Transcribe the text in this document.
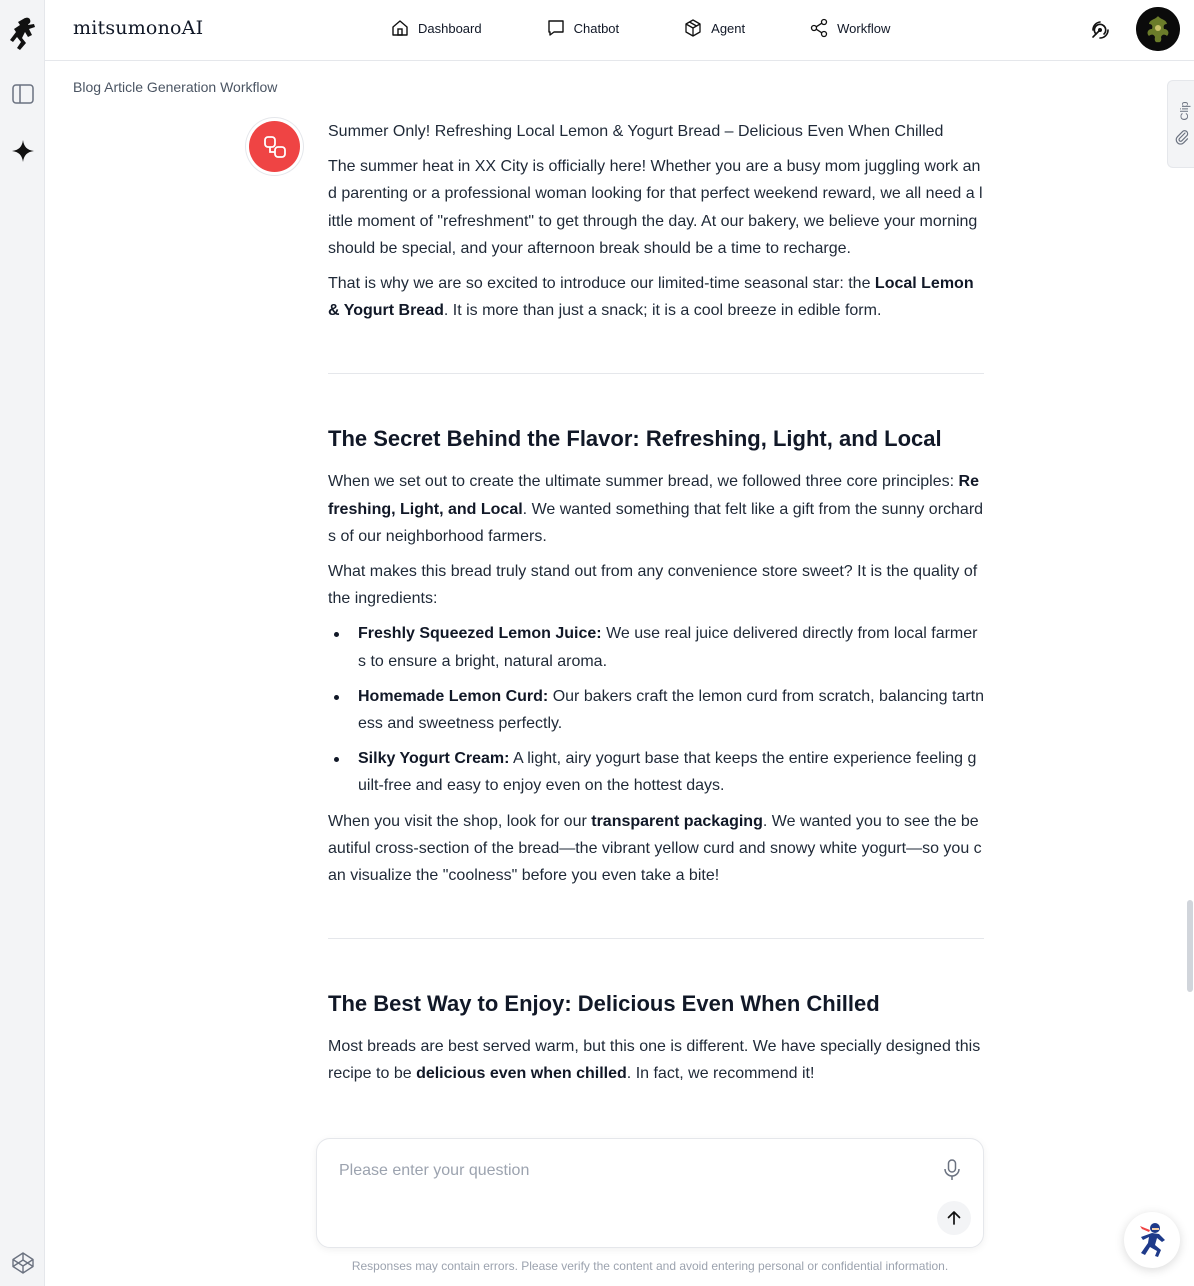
mitsumonoAI	Dashboard	Chatbot	Agent	Workflow
Blog Article Generation Workflow
Clip

Summer Only! Refreshing Local Lemon & Yogurt Bread – Delicious Even When Chilled

The summer heat in XX City is officially here! Whether you are a busy mom juggling work and parenting or a professional woman looking for that perfect weekend reward, we all need a little moment of "refreshment" to get through the day. At our bakery, we believe your morning should be special, and your afternoon break should be a time to recharge.

That is why we are so excited to introduce our limited-time seasonal star: the Local Lemon & Yogurt Bread. It is more than just a snack; it is a cool breeze in edible form.

The Secret Behind the Flavor: Refreshing, Light, and Local

When we set out to create the ultimate summer bread, we followed three core principles: Refreshing, Light, and Local. We wanted something that felt like a gift from the sunny orchards of our neighborhood farmers.

What makes this bread truly stand out from any convenience store sweet? It is the quality of the ingredients:

Freshly Squeezed Lemon Juice: We use real juice delivered directly from local farmers to ensure a bright, natural aroma.
Homemade Lemon Curd: Our bakers craft the lemon curd from scratch, balancing tartness and sweetness perfectly.
Silky Yogurt Cream: A light, airy yogurt base that keeps the entire experience feeling guilt-free and easy to enjoy even on the hottest days.

When you visit the shop, look for our transparent packaging. We wanted you to see the beautiful cross-section of the bread—the vibrant yellow curd and snowy white yogurt—so you can visualize the "coolness" before you even take a bite!

The Best Way to Enjoy: Delicious Even When Chilled

Most breads are best served warm, but this one is different. We have specially designed this recipe to be delicious even when chilled. In fact, we recommend it!

Please enter your question
Responses may contain errors. Please verify the content and avoid entering personal or confidential information.
